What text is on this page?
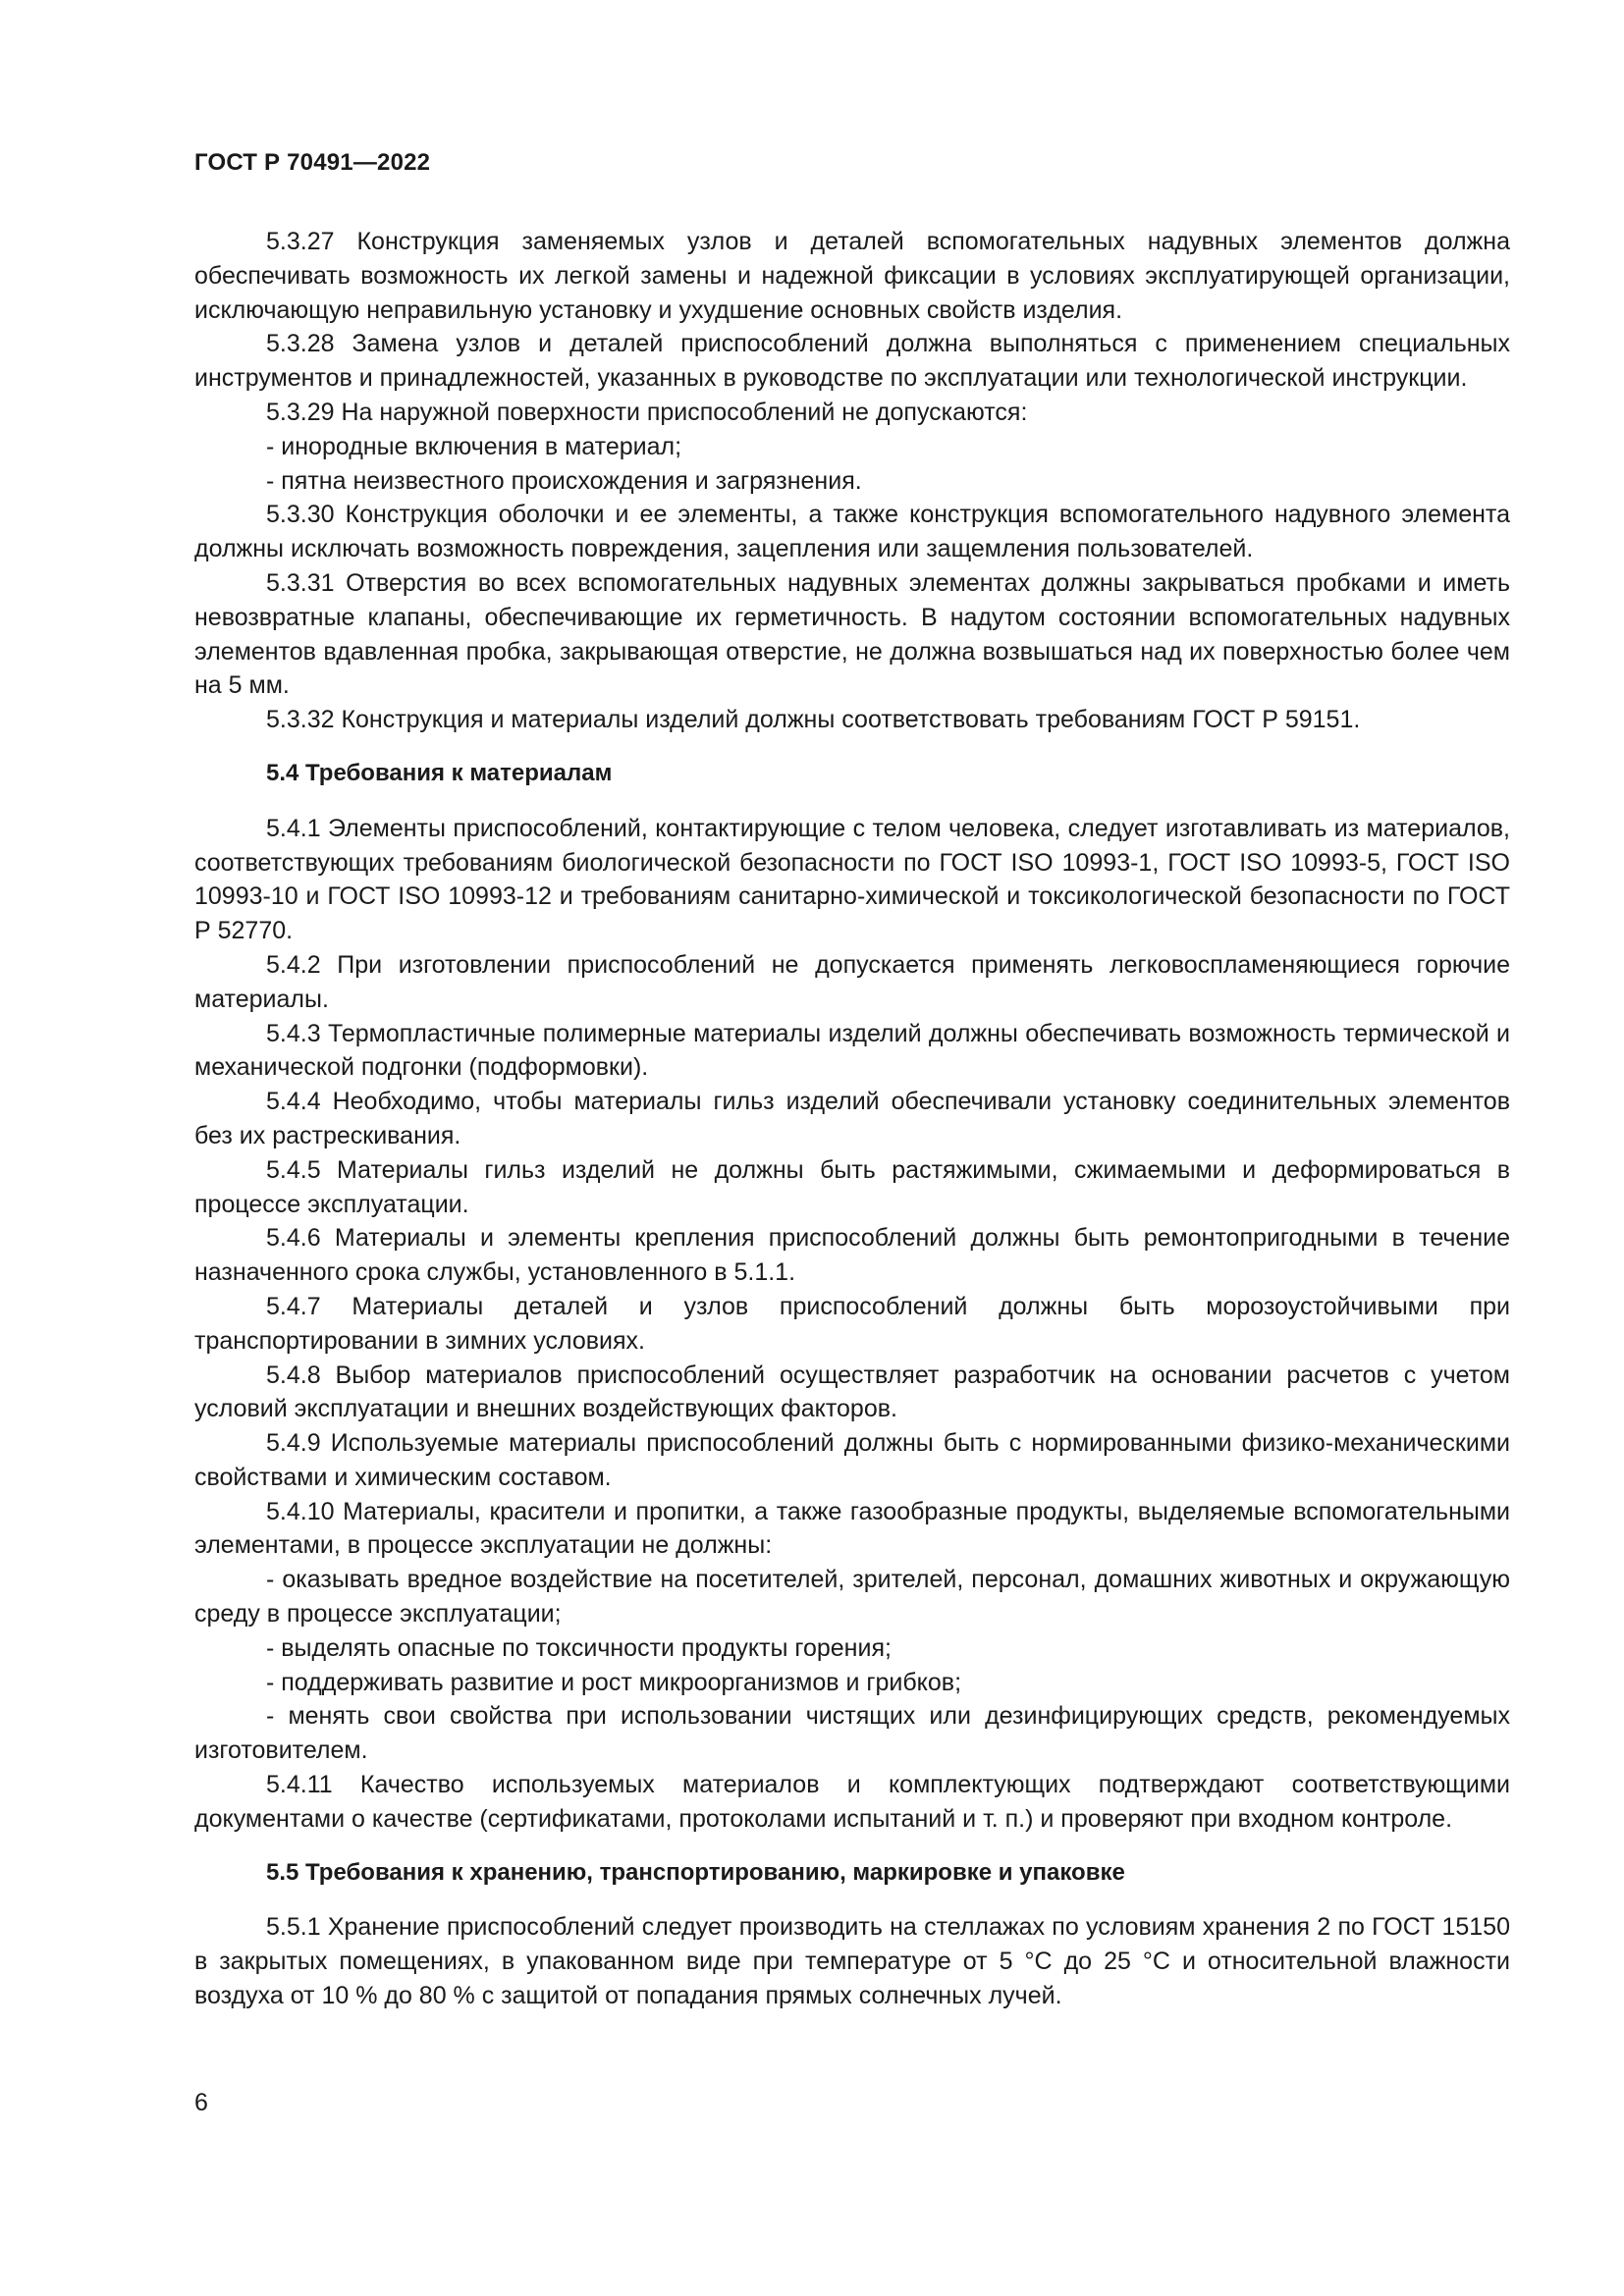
ГОСТ Р 70491—2022

5.3.27 Конструкция заменяемых узлов и деталей вспомогательных надувных элементов должна обеспечивать возможность их легкой замены и надежной фиксации в условиях эксплуатирующей организации, исключающую неправильную установку и ухудшение основных свойств изделия.

5.3.28 Замена узлов и деталей приспособлений должна выполняться с применением специальных инструментов и принадлежностей, указанных в руководстве по эксплуатации или технологической инструкции.

5.3.29 На наружной поверхности приспособлений не допускаются:

- инородные включения в материал;

- пятна неизвестного происхождения и загрязнения.

5.3.30 Конструкция оболочки и ее элементы, а также конструкция вспомогательного надувного элемента должны исключать возможность повреждения, зацепления или защемления пользователей.

5.3.31 Отверстия во всех вспомогательных надувных элементах должны закрываться пробками и иметь невозвратные клапаны, обеспечивающие их герметичность. В надутом состоянии вспомогательных надувных элементов вдавленная пробка, закрывающая отверстие, не должна возвышаться над их поверхностью более чем на 5 мм.

5.3.32 Конструкция и материалы изделий должны соответствовать требованиям ГОСТ Р 59151.

5.4 Требования к материалам

5.4.1 Элементы приспособлений, контактирующие с телом человека, следует изготавливать из материалов, соответствующих требованиям биологической безопасности по ГОСТ ISO 10993-1, ГОСТ ISO 10993-5, ГОСТ ISO 10993-10 и ГОСТ ISO 10993-12 и требованиям санитарно-химической и токсикологической безопасности по ГОСТ Р 52770.

5.4.2 При изготовлении приспособлений не допускается применять легковоспламеняющиеся горючие материалы.

5.4.3 Термопластичные полимерные материалы изделий должны обеспечивать возможность термической и механической подгонки (подформовки).

5.4.4 Необходимо, чтобы материалы гильз изделий обеспечивали установку соединительных элементов без их растрескивания.

5.4.5 Материалы гильз изделий не должны быть растяжимыми, сжимаемыми и деформироваться в процессе эксплуатации.

5.4.6 Материалы и элементы крепления приспособлений должны быть ремонтопригодными в течение назначенного срока службы, установленного в 5.1.1.

5.4.7 Материалы деталей и узлов приспособлений должны быть морозоустойчивыми при транспортировании в зимних условиях.

5.4.8 Выбор материалов приспособлений осуществляет разработчик на основании расчетов с учетом условий эксплуатации и внешних воздействующих факторов.

5.4.9 Используемые материалы приспособлений должны быть с нормированными физико-механическими свойствами и химическим составом.

5.4.10 Материалы, красители и пропитки, а также газообразные продукты, выделяемые вспомогательными элементами, в процессе эксплуатации не должны:

- оказывать вредное воздействие на посетителей, зрителей, персонал, домашних животных и окружающую среду в процессе эксплуатации;

- выделять опасные по токсичности продукты горения;

- поддерживать развитие и рост микроорганизмов и грибков;

- менять свои свойства при использовании чистящих или дезинфицирующих средств, рекомендуемых изготовителем.

5.4.11 Качество используемых материалов и комплектующих подтверждают соответствующими документами о качестве (сертификатами, протоколами испытаний и т. п.) и проверяют при входном контроле.

5.5 Требования к хранению, транспортированию, маркировке и упаковке

5.5.1 Хранение приспособлений следует производить на стеллажах по условиям хранения 2 по ГОСТ 15150 в закрытых помещениях, в упакованном виде при температуре от 5 °С до 25 °С и относительной влажности воздуха от 10 % до 80 % с защитой от попадания прямых солнечных лучей.

6
